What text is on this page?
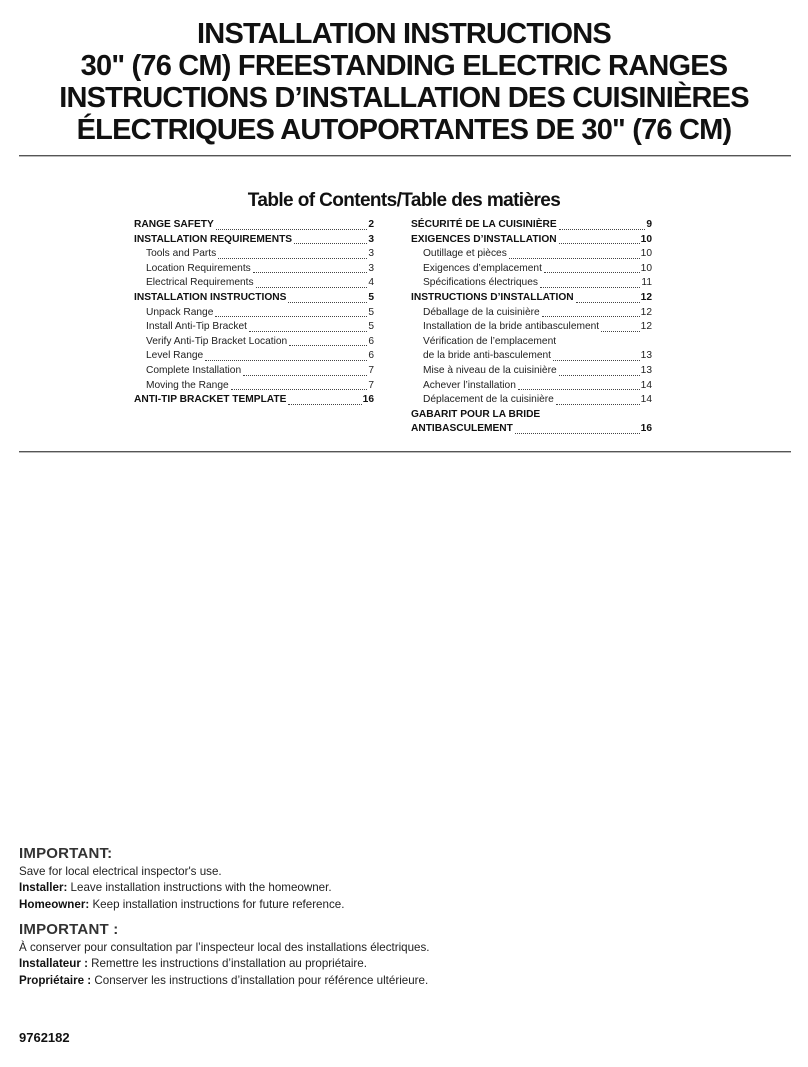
INSTALLATION INSTRUCTIONS
30" (76 CM) FREESTANDING ELECTRIC RANGES
INSTRUCTIONS D’INSTALLATION DES CUISINIÈRES
ÉLECTRIQUES AUTOPORTANTES DE 30" (76 CM)
Table of Contents/Table des matières
RANGE SAFETY	2
INSTALLATION REQUIREMENTS	3
Tools and Parts	3
Location Requirements	3
Electrical Requirements	4
INSTALLATION INSTRUCTIONS	5
Unpack Range	5
Install Anti-Tip Bracket	5
Verify Anti-Tip Bracket Location	6
Level Range	6
Complete Installation	7
Moving the Range	7
ANTI-TIP BRACKET TEMPLATE	16
SÉCURITÉ DE LA CUISINIÈRE	9
EXIGENCES D’INSTALLATION	10
Outillage et pièces	10
Exigences d’emplacement	10
Spécifications électriques	11
INSTRUCTIONS D’INSTALLATION	12
Déballage de la cuisinière	12
Installation de la bride antibasculement	12
Vérification de l’emplacement
de la bride anti-basculement	13
Mise à niveau de la cuisinière	13
Achever l’installation	14
Déplacement de la cuisinière	14
GABARIT POUR LA BRIDE
ANTIBASCULEMENT	16
IMPORTANT:
Save for local electrical inspector's use.
Installer: Leave installation instructions with the homeowner.
Homeowner: Keep installation instructions for future reference.
IMPORTANT :
À conserver pour consultation par l’inspecteur local des installations électriques.
Installateur : Remettre les instructions d’installation au propriétaire.
Propriétaire : Conserver les instructions d’installation pour référence ultérieure.
9762182
